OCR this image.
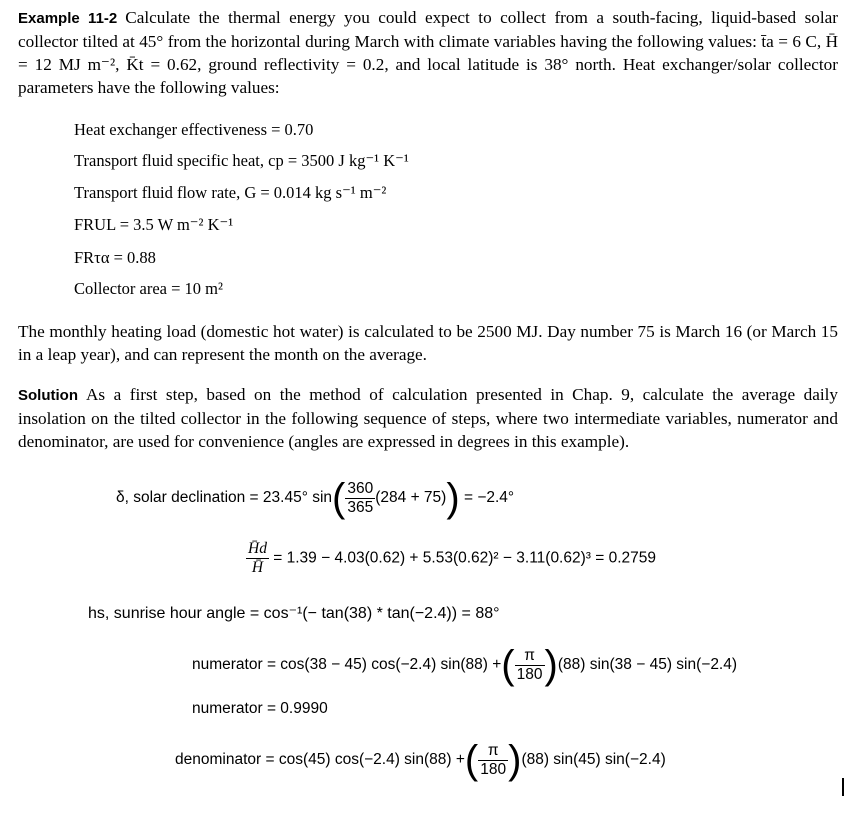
Example 11-2 Calculate the thermal energy you could expect to collect from a south-facing, liquid-based solar collector tilted at 45° from the horizontal during March with climate variables having the following values: t̄a = 6 C, H̄ = 12 MJ m⁻², K̄t = 0.62, ground reflectivity = 0.2, and local latitude is 38° north. Heat exchanger/solar collector parameters have the following values:
Heat exchanger effectiveness = 0.70
Transport fluid specific heat, cp = 3500 J kg⁻¹ K⁻¹
Transport fluid flow rate, G = 0.014 kg s⁻¹ m⁻²
FRUL = 3.5 W m⁻² K⁻¹
FRτα = 0.88
Collector area = 10 m²
The monthly heating load (domestic hot water) is calculated to be 2500 MJ. Day number 75 is March 16 (or March 15 in a leap year), and can represent the month on the average.
Solution As a first step, based on the method of calculation presented in Chap. 9, calculate the average daily insolation on the tilted collector in the following sequence of steps, where two intermediate variables, numerator and denominator, are used for convenience (angles are expressed in degrees in this example).
δ, solar declination = 23.45° $\sin( \frac{360}{365} (284 + 75)) = -2.4^\circ$
$\frac{H̄d}{H̄} = 1.39 - 4.03(0.62) + 5.53(0.62)^2 - 3.11(0.62)^3 = 0.2759$
hs, sunrise hour angle = cos⁻¹(− tan(38) * tan(−2.4)) = 88°
numerator = cos(38 − 45) cos(−2.4) sin(88) +( $\frac{\pi}{180} )(88)$ sin(38 − 45) sin(−2.4)
numerator = 0.9990
denominator = cos(45) cos(−2.4) sin(88) +( $\frac{\pi}{180} )(88)$ sin(45) sin(−2.4)
